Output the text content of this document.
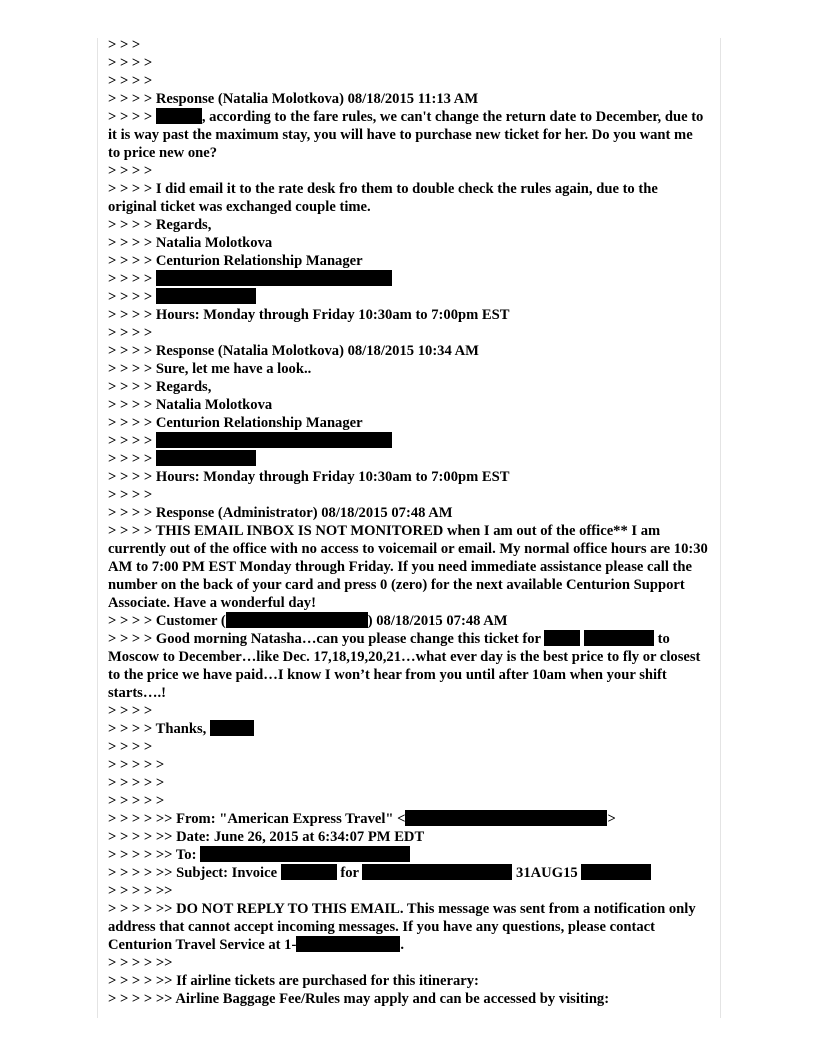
> > >
> > > >
> > > >
> > > > Response (Natalia Molotkova) 08/18/2015 11:13 AM
> > > >	, according to the fare rules, we can't change the return date to December, due to it is way past the maximum stay, you will have to purchase new ticket for her. Do you want me to price new one?
> > > >
> > > > I did email it to the rate desk fro them to double check the rules again, due to the original ticket was exchanged couple time.
> > > > Regards,
> > > > Natalia Molotkova
> > > > Centurion Relationship Manager
> > > >
> > > >
> > > > Hours: Monday through Friday 10:30am to 7:00pm EST
> > > >
> > > > Response (Natalia Molotkova) 08/18/2015 10:34 AM
> > > > Sure, let me have a look..
> > > > Regards,
> > > > Natalia Molotkova
> > > > Centurion Relationship Manager
> > > >
> > > >
> > > > Hours: Monday through Friday 10:30am to 7:00pm EST
> > > >
> > > > Response (Administrator) 08/18/2015 07:48 AM
> > > > THIS EMAIL INBOX IS NOT MONITORED when I am out of the office** I am currently out of the office with no access to voicemail or email. My normal office hours are 10:30 AM to 7:00 PM EST Monday through Friday. If you need immediate assistance please call the number on the back of your card and press 0 (zero) for the next available Centurion Support Associate. Have a wonderful day!
> > > > Customer (	) 08/18/2015 07:48 AM
> > > > Good morning Natasha…can you please change this ticket for	to Moscow to December…like Dec. 17,18,19,20,21…what ever day is the best price to fly or closest to the price we have paid…I know I won’t hear from you until after 10am when your shift starts….!
> > > >
> > > > Thanks,
> > > >
> > > > >
> > > > >
> > > > >
> > > > >> From: "American Express Travel" <	>
> > > > >> Date: June 26, 2015 at 6:34:07 PM EDT
> > > > >> To:
> > > > >> Subject: Invoice	for	31AUG15
> > > > >>
> > > > >> DO NOT REPLY TO THIS EMAIL. This message was sent from a notification only address that cannot accept incoming messages. If you have any questions, please contact Centurion Travel Service at 1-	.
> > > > >>
> > > > >> If airline tickets are purchased for this itinerary:
> > > > >> Airline Baggage Fee/Rules may apply and can be accessed by visiting:
